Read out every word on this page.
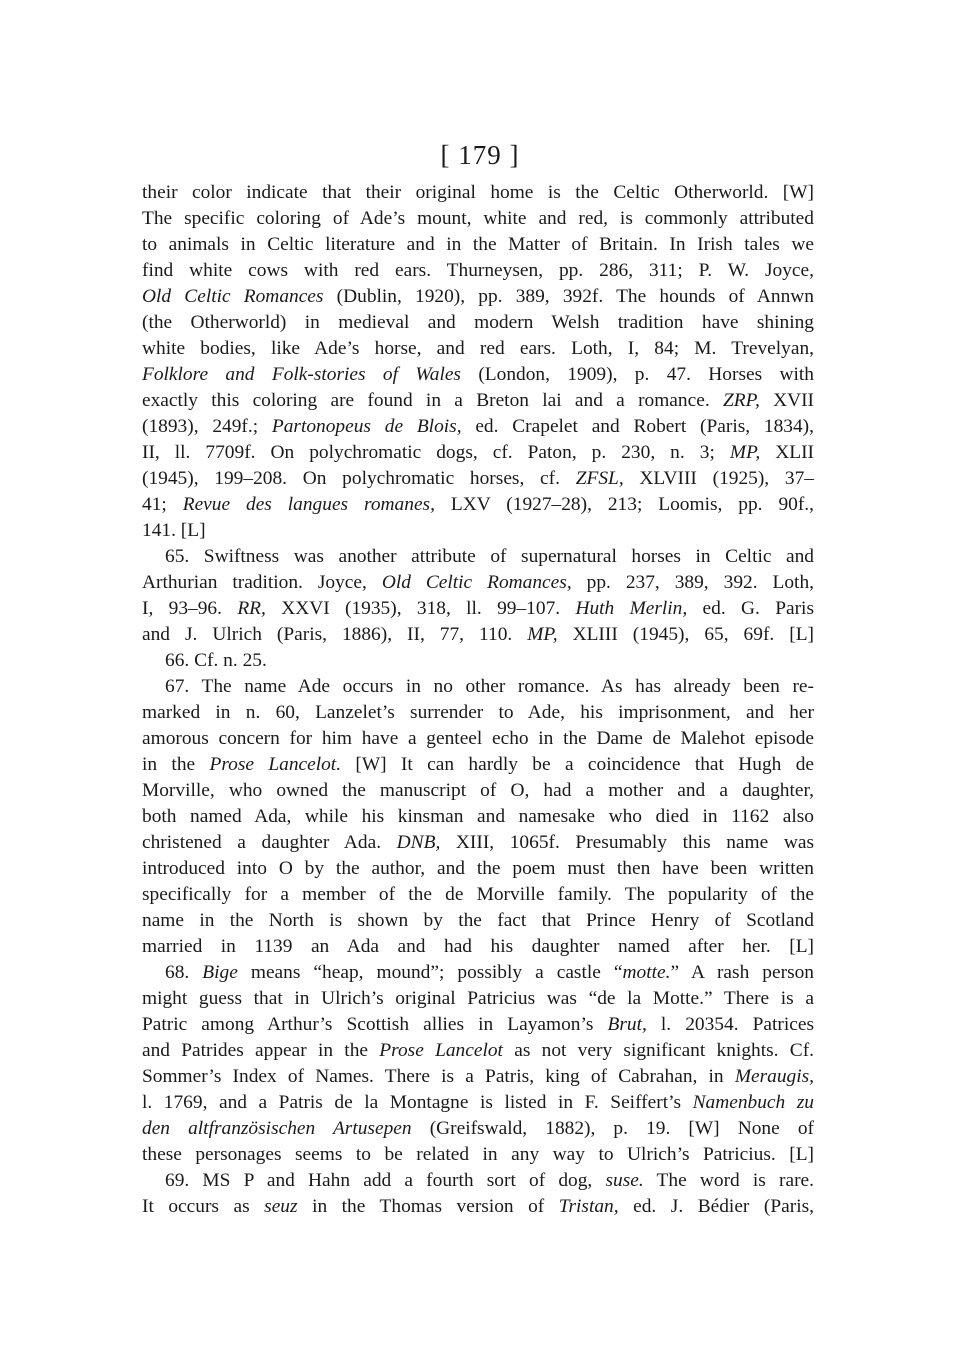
[ 179 ]
their color indicate that their original home is the Celtic Otherworld. [W]
The specific coloring of Ade’s mount, white and red, is commonly attributed
to animals in Celtic literature and in the Matter of Britain. In Irish tales we
find white cows with red ears. Thurneysen, pp. 286, 311; P. W. Joyce,
Old Celtic Romances (Dublin, 1920), pp. 389, 392f. The hounds of Annwn
(the Otherworld) in medieval and modern Welsh tradition have shining
white bodies, like Ade’s horse, and red ears. Loth, I, 84; M. Trevelyan,
Folklore and Folk-stories of Wales (London, 1909), p. 47. Horses with
exactly this coloring are found in a Breton lai and a romance. ZRP, XVII
(1893), 249f.; Partonopeus de Blois, ed. Crapelet and Robert (Paris, 1834),
II, ll. 7709f. On polychromatic dogs, cf. Paton, p. 230, n. 3; MP, XLII
(1945), 199–208. On polychromatic horses, cf. ZFSL, XLVIII (1925), 37–
41; Revue des langues romanes, LXV (1927–28), 213; Loomis, pp. 90f.,
141. [L]
65. Swiftness was another attribute of supernatural horses in Celtic and
Arthurian tradition. Joyce, Old Celtic Romances, pp. 237, 389, 392. Loth,
I, 93–96. RR, XXVI (1935), 318, ll. 99–107. Huth Merlin, ed. G. Paris
and J. Ulrich (Paris, 1886), II, 77, 110. MP, XLIII (1945), 65, 69f. [L]
66. Cf. n. 25.
67. The name Ade occurs in no other romance. As has already been re-
marked in n. 60, Lanzelet’s surrender to Ade, his imprisonment, and her
amorous concern for him have a genteel echo in the Dame de Malehot episode
in the Prose Lancelot. [W] It can hardly be a coincidence that Hugh de
Morville, who owned the manuscript of O, had a mother and a daughter,
both named Ada, while his kinsman and namesake who died in 1162 also
christened a daughter Ada. DNB, XIII, 1065f. Presumably this name was
introduced into O by the author, and the poem must then have been written
specifically for a member of the de Morville family. The popularity of the
name in the North is shown by the fact that Prince Henry of Scotland
married in 1139 an Ada and had his daughter named after her. [L]
68. Bige means “heap, mound”; possibly a castle “motte.” A rash person
might guess that in Ulrich’s original Patricius was “de la Motte.” There is a
Patric among Arthur’s Scottish allies in Layamon’s Brut, l. 20354. Patrices
and Patrides appear in the Prose Lancelot as not very significant knights. Cf.
Sommer’s Index of Names. There is a Patris, king of Cabrahan, in Meraugis,
l. 1769, and a Patris de la Montagne is listed in F. Seiffert’s Namenbuch zu
den altfranzösischen Artusepen (Greifswald, 1882), p. 19. [W] None of
these personages seems to be related in any way to Ulrich’s Patricius. [L]
69. MS P and Hahn add a fourth sort of dog, suse. The word is rare.
It occurs as seuz in the Thomas version of Tristan, ed. J. Bédier (Paris,
